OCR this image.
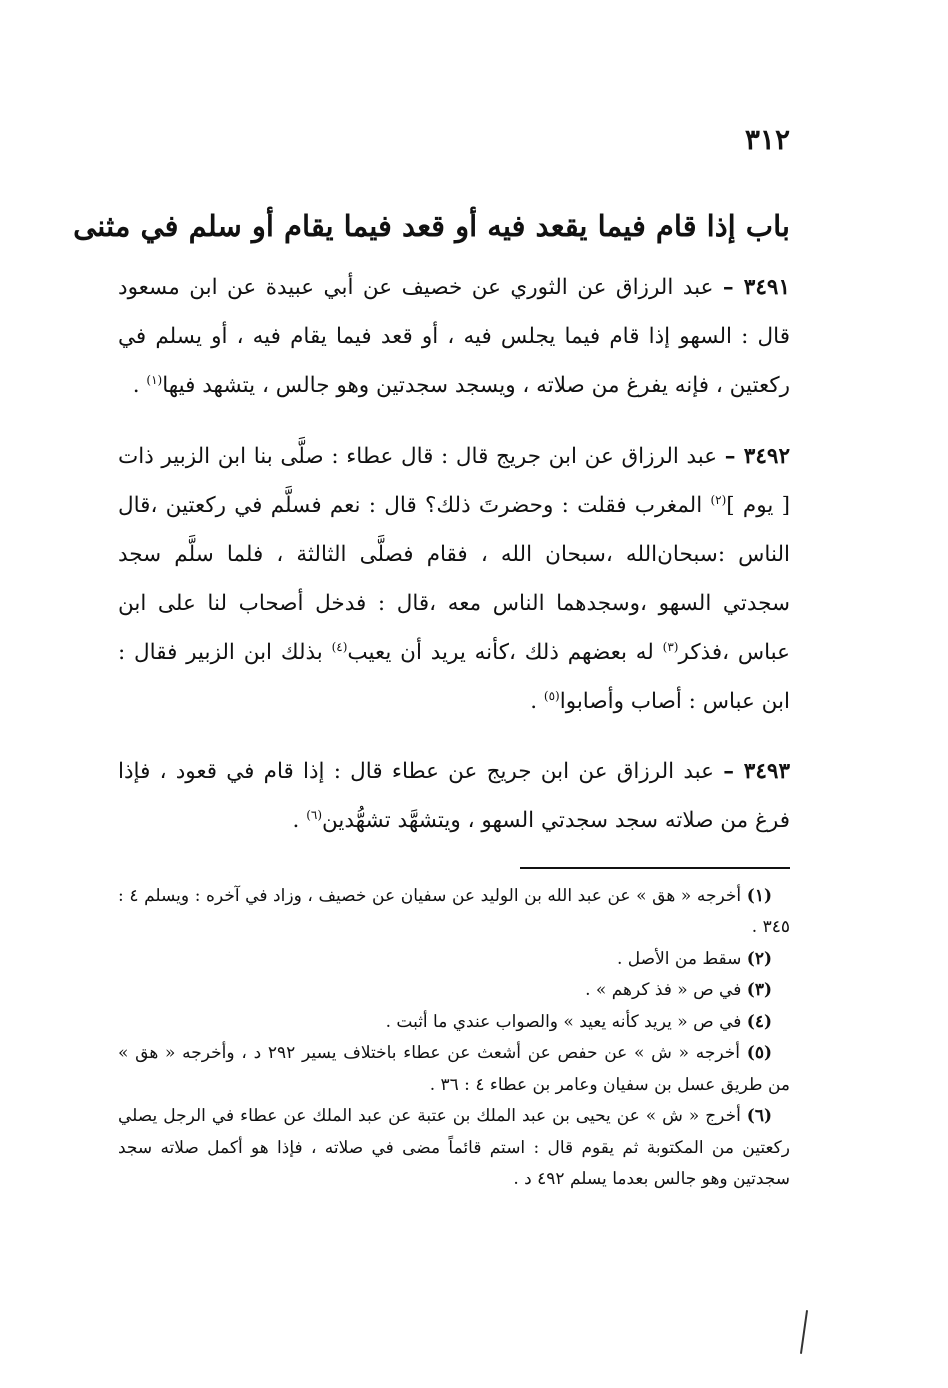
٣١٢
باب إذا قام فيما يقعد فيه أو قعد فيما يقام أو سلم في مثنى

٣٤٩١ – عبد الرزاق عن الثوري عن خصيف عن أبي عبيدة عن ابن مسعود قال : السهو إذا قام فيما يجلس فيه ، أو قعد فيما يقام فيه ، أو يسلم في ركعتين ، فإنه يفرغ من صلاته ، ويسجد سجدتين وهو جالس ، يتشهد فيها$^{(١)}$ .

٣٤٩٢ – عبد الرزاق عن ابن جريج قال : قال عطاء : صلَّى بنا ابن الزبير ذات [ يوم ]$^{(٢)}$ المغرب فقلت : وحضرتَ ذلك؟ قال : نعم فسلَّم في ركعتين ،قال الناس :سبحان‌الله ،سبحان الله ، فقام فصلَّى الثالثة ، فلما سلَّم سجد سجدتي السهو ،وسجدهما الناس معه ،قال : فدخل أصحاب لنا على ابن عباس ،فذكر$^{(٣)}$ له بعضهم ذلك ،كأنه يريد أن يعيب$^{(٤)}$ بذلك ابن الزبير فقال : ابن عباس : أصاب وأصابوا$^{(٥)}$ .

٣٤٩٣ – عبد الرزاق عن ابن جريج عن عطاء قال : إذا قام في قعود ، فإذا فرغ من صلاته سجد سجدتي السهو ، ويتشهَّد تشهُّدين$^{(٦)}$ .

(١) أخرجه « هق » عن عبد الله بن الوليد عن سفيان عن خصيف ، وزاد في آخره : ويسلم ٤ : ٣٤٥ .
(٢) سقط من الأصل .
(٣) في ص « فذ كرهم » .
(٤) في ص « يريد كأنه يعيد » والصواب عندي ما أثبت .
(٥) أخرجه « ش » عن حفص عن أشعث عن عطاء باختلاف يسير ٢٩٢ د ، وأخرجه « هق » من طريق عسل بن سفيان وعامر بن عطاء ٤ : ٣٦ .
(٦) أخرج « ش » عن يحيى بن عبد الملك بن عتبة عن عبد الملك عن عطاء في الرجل يصلي ركعتين من المكتوبة ثم يقوم قال : استم قائماً مضى في صلاته ، فإذا هو أكمل صلاته سجد سجدتين وهو جالس بعدما يسلم ٤٩٢ د .
